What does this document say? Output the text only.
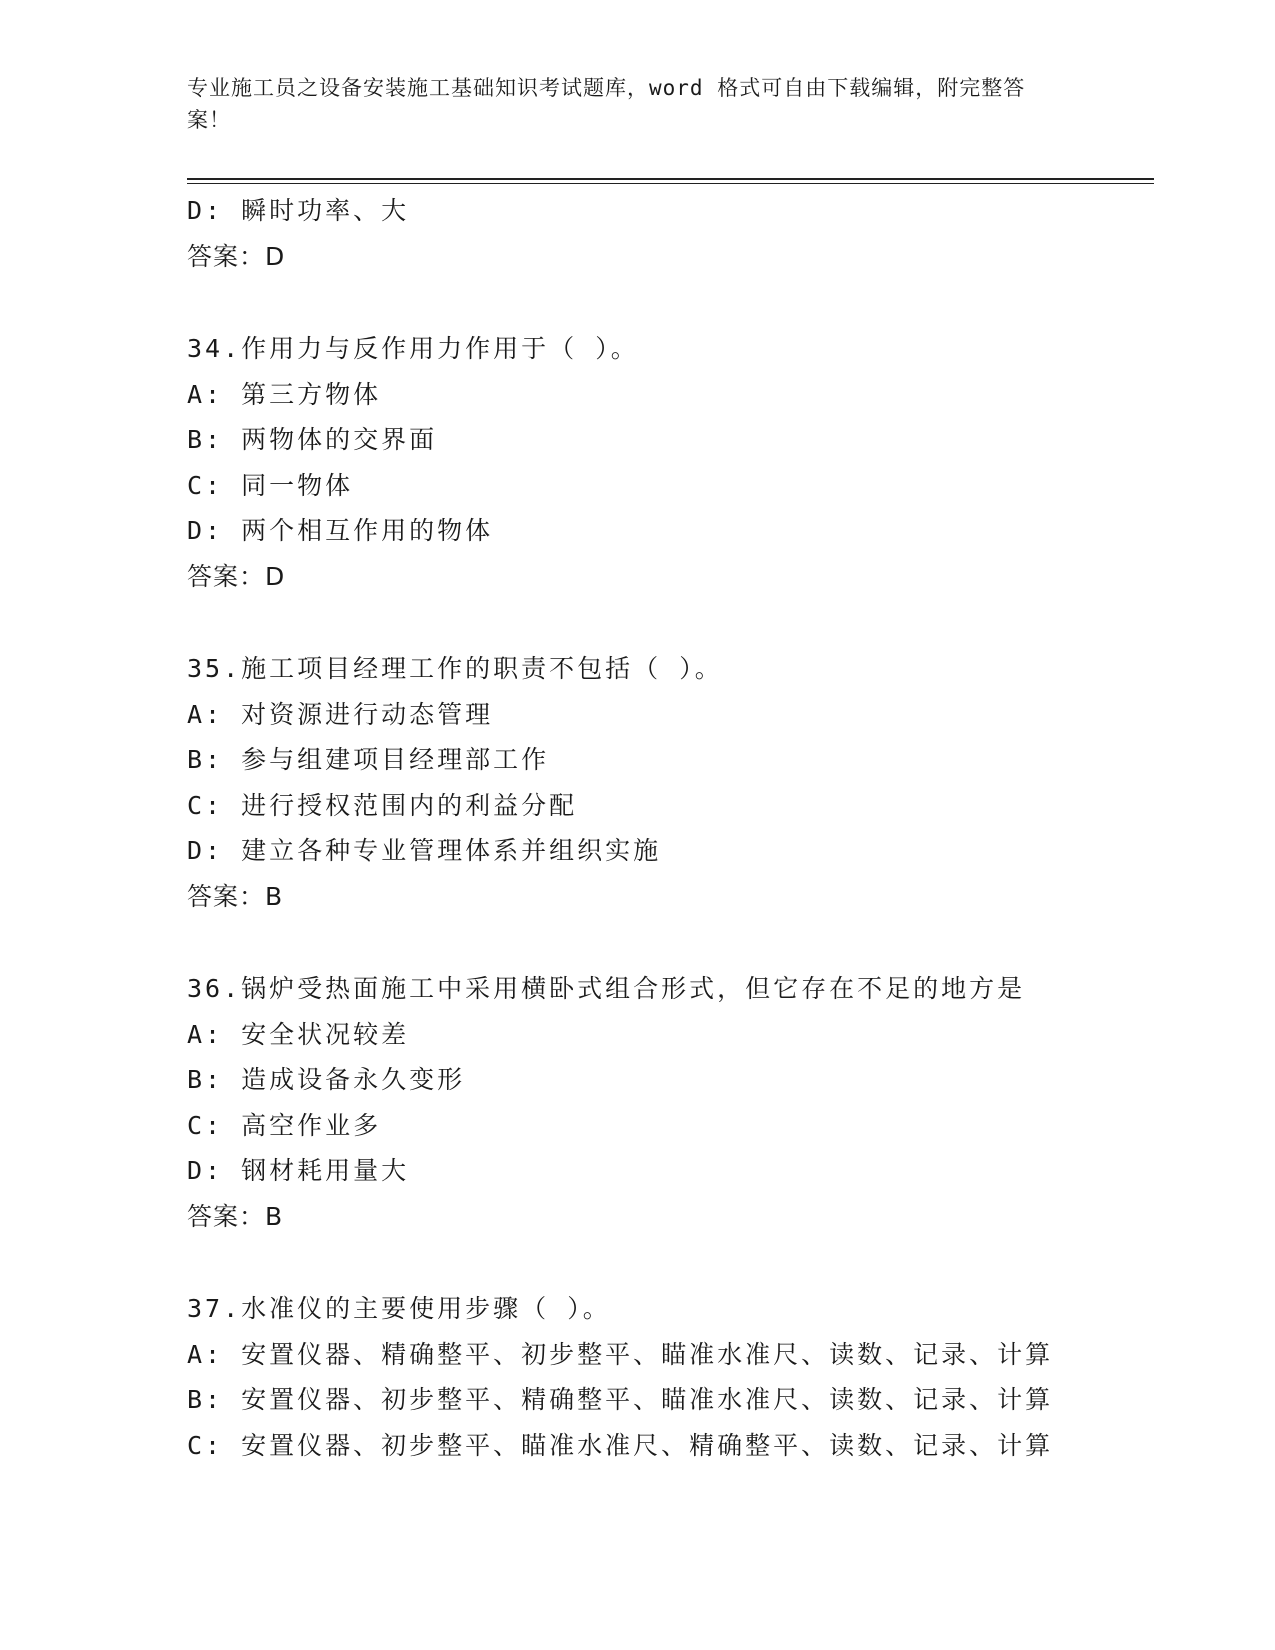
专业施工员之设备安装施工基础知识考试题库，word 格式可自由下载编辑，附完整答案！
D: 瞬时功率、大
答案：D
34.作用力与反作用力作用于（ ）。
A: 第三方物体
B: 两物体的交界面
C: 同一物体
D: 两个相互作用的物体
答案：D
35.施工项目经理工作的职责不包括（ ）。
A: 对资源进行动态管理
B: 参与组建项目经理部工作
C: 进行授权范围内的利益分配
D: 建立各种专业管理体系并组织实施
答案：B
36.锅炉受热面施工中采用横卧式组合形式，但它存在不足的地方是
A: 安全状况较差
B: 造成设备永久变形
C: 高空作业多
D: 钢材耗用量大
答案：B
37.水准仪的主要使用步骤（ ）。
A: 安置仪器、精确整平、初步整平、瞄准水准尺、读数、记录、计算
B: 安置仪器、初步整平、精确整平、瞄准水准尺、读数、记录、计算
C: 安置仪器、初步整平、瞄准水准尺、精确整平、读数、记录、计算
